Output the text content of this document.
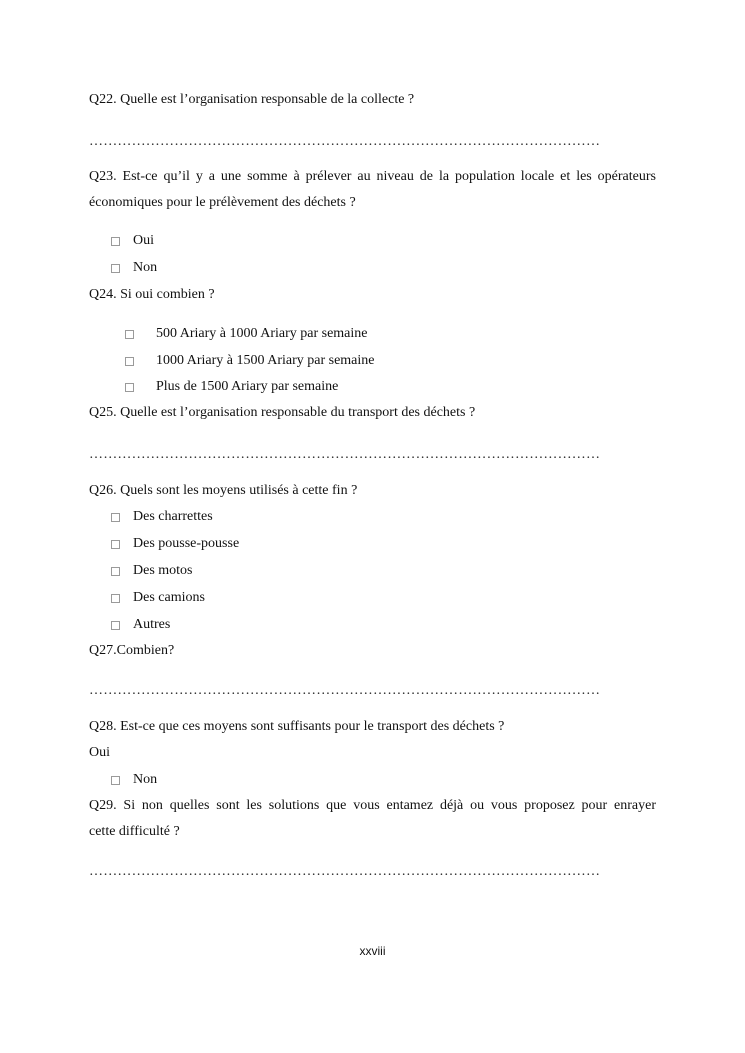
Q22. Quelle est l’organisation responsable de la collecte ?
………………………………………………………………………………………………
Q23. Est-ce qu’il y a une somme à prélever au niveau de la population locale et les opérateurs
économiques pour le prélèvement des déchets ?
Oui
Non
Q24. Si oui combien ?
500 Ariary à 1000 Ariary par semaine
1000 Ariary à 1500 Ariary par semaine
Plus de 1500 Ariary par semaine
Q25. Quelle est l’organisation responsable du transport des déchets ?
………………………………………………………………………………………………
Q26. Quels sont les moyens utilisés à cette fin ?
Des charrettes
Des pousse-pousse
Des motos
Des camions
Autres
Q27.Combien?
………………………………………………………………………………………………
Q28. Est-ce que ces moyens sont suffisants pour le transport des déchets ?
Oui
Non
Q29. Si non quelles sont les solutions que vous entamez déjà ou vous proposez pour enrayer
cette difficulté ?
………………………………………………………………………………………………
xxviii
